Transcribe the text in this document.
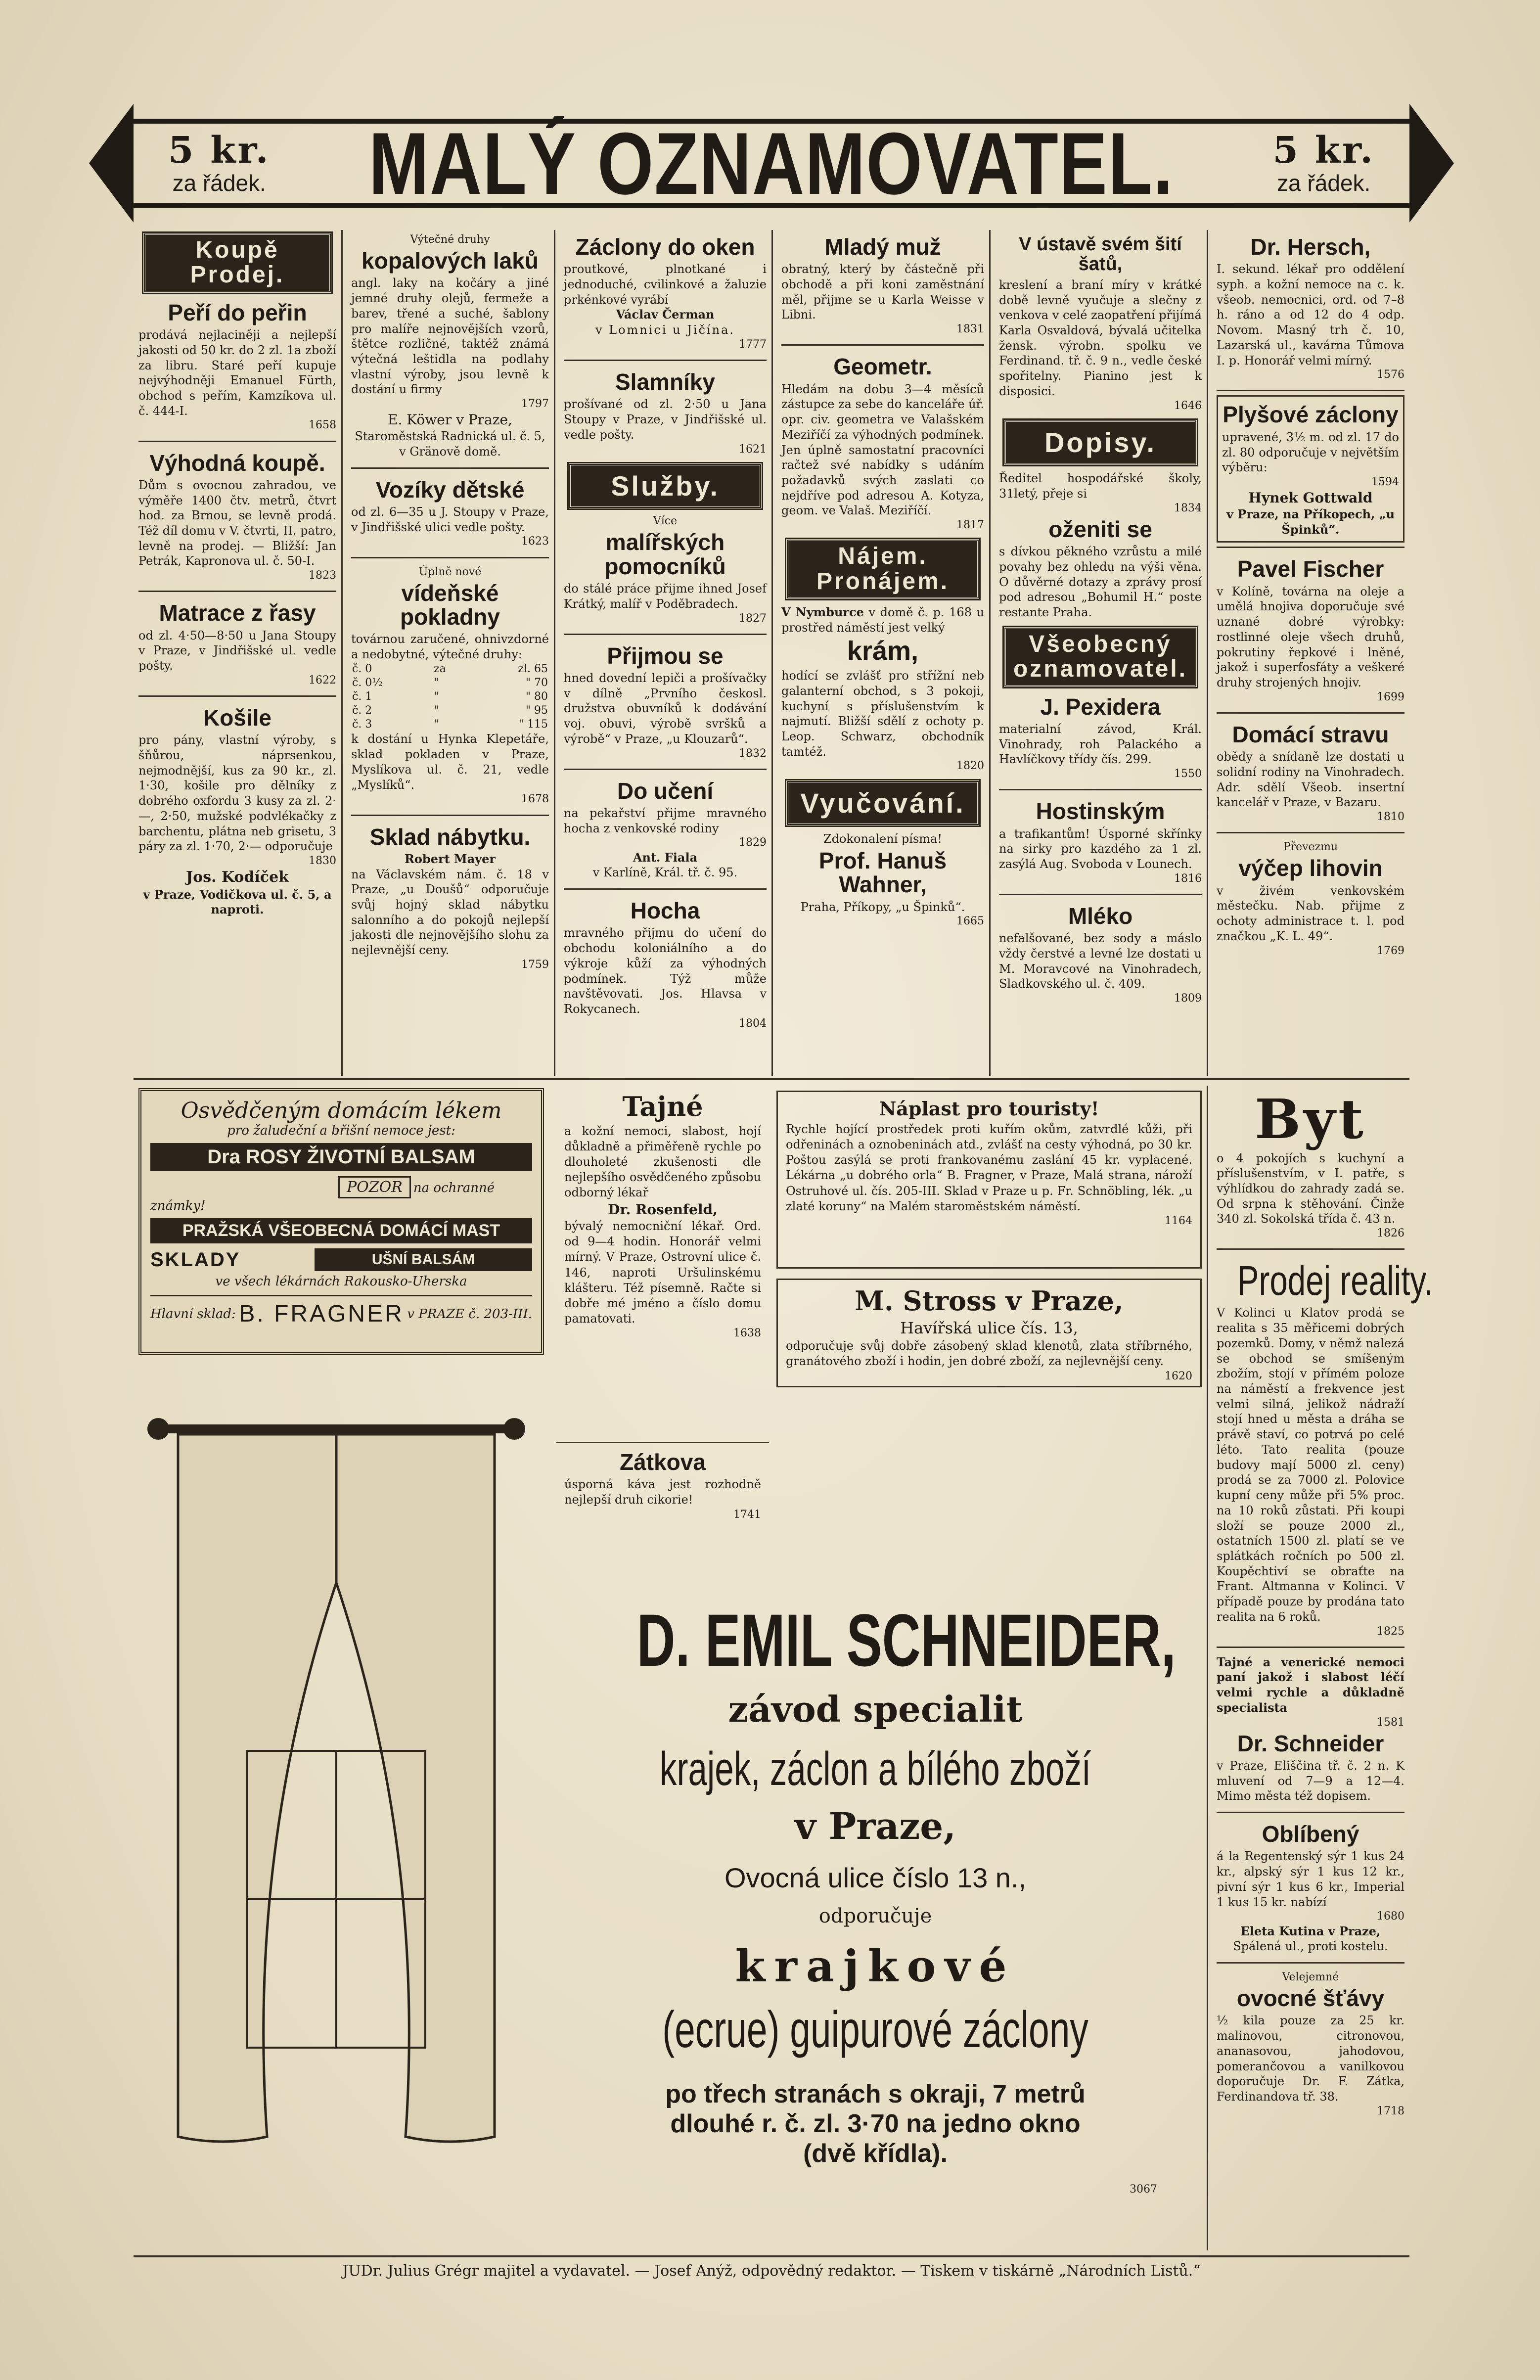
5 kr.
za řádek. MALÝ OZNAMOVATEL.	5 kr.
za řádek.
Koupě Prodej.
Peří do peřin

prodává nejlaciněji a nejlepší jakosti od 50 kr. do 2 zl. 1a zboží za libru. Staré peří kupuje nejvýhodněji Emanuel Fürth, obchod s peřím, Kamzíkova ul. č. 444-I.

1658
Výhodná koupě.

Dům s ovocnou zahradou, ve výměře 1400 čtv. metrů, čtvrt hod. za Brnou, se levně prodá. Též díl domu v V. čtvrti, II. patro, levně na prodej. — Bližší: Jan Petrák, Kapronova ul. č. 50-I.

1823
Matrace z řasy

od zl. 4·50—8·50 u Jana Stoupy v Praze, v Jindřišské ul. vedle pošty.

1622
Košile

pro pány, vlastní výroby, s šňůrou, náprsenkou, nejmodnější, kus za 90 kr., zl. 1·30, košile pro dělníky z dobrého oxfordu 3 kusy za zl. 2·—, 2·50, mužské podvlékačky z barchentu, plátna neb grisetu, 3 páry za zl. 1·70, 2·— odporučuje

1830
Jos. Kodíček
v Praze, Vodičkova ul. č. 5, a naproti.
Výtečné druhy
kopalových laků

angl. laky na kočáry a jiné jemné druhy olejů, fermeže a barev, třené a suché, šablony pro malíře nejnovějších vzorů, štětce rozličné, taktéž známá výtečná leštidla na podlahy vlastní výroby, jsou levně k dostání u firmy

1797
E. Köwer v Praze,
Staroměstská Radnická ul. č. 5, v Gränově domě.
Vozíky dětské

od zl. 6—35 u J. Stoupy v Praze, v Jindřišské ulici vedle pošty.

1623
Úplně nové
vídeňské pokladny

továrnou zaručené, ohnivzdorné a nedobytné, výtečné druhy:

č. 0	za	zl. 65
č. 0½	"	" 70
č. 1	"	" 80
č. 2	"	" 95
č. 3	"	" 115

k dostání u Hynka Klepetáře, sklad pokladen v Praze, Myslíkova ul. č. 21, vedle „Myslíků“.

1678
Sklad nábytku.
Robert Mayer

na Václavském nám. č. 18 v Praze, „u Doušů“ odporučuje svůj hojný sklad nábytku salonního a do pokojů nejlepší jakosti dle nejnovějšího slohu za nejlevnější ceny.

1759
Záclony do oken

proutkové, plnotkané i jednoduché, cvilinkové a žaluzie prkénkové vyrábí

Václav Čerman
v Lomnici u Jičína.
1777
Slamníky

prošívané od zl. 2·50 u Jana Stoupy v Praze, v Jindřišské ul. vedle pošty.

1621
Služby.
Více
malířských pomocníků

do stálé práce přijme ihned Josef Krátký, malíř v Poděbradech.

1827
Přijmou se

hned dovední lepiči a prošívačky v dílně „Prvního českosl. družstva obuvníků k dodávání voj. obuvi, výrobě svršků a výrobě“ v Praze, „u Klouzarů“.

1832
Do učení

na pekařství přijme mravného hocha z venkovské rodiny

1829
Ant. Fiala
v Karlíně, Král. tř. č. 95.
Hocha

mravného přijmu do učení do obchodu koloniálního a do výkroje kůží za výhodných podmínek. Týž může navštěvovati. Jos. Hlavsa v Rokycanech.

1804
Mladý muž

obratný, který by částečně při obchodě a při koni zaměstnání měl, přijme se u Karla Weisse v Libni.

1831
Geometr.

Hledám na dobu 3—4 měsíců zástupce za sebe do kanceláře úř. opr. civ. geometra ve Valašském Meziříčí za výhodných podmínek. Jen úplně samostatní pracovníci račtež své nabídky s udáním požadavků svých zaslati co nejdříve pod adresou A. Kotyza, geom. ve Valaš. Meziříčí.

1817
Nájem. Pronájem.

V Nymburce v domě č. p. 168 u prostřed náměstí jest velký

krám,

hodící se zvlášť pro střížní neb galanterní obchod, s 3 pokoji, kuchyní s příslušenstvím k najmutí. Bližší sdělí z ochoty p. Leop. Schwarz, obchodník tamtéž.

1820
Vyučování.
Zdokonalení písma!
Prof. Hanuš Wahner,
Praha, Příkopy, „u Špinků“.
1665
V ústavě svém šití šatů,

kreslení a braní míry v krátké době levně vyučuje a slečny z venkova v celé zaopatření přijímá Karla Osvaldová, bývalá učitelka žensk. výrobn. spolku ve Ferdinand. tř. č. 9 n., vedle české spořitelny. Pianino jest k disposici.

1646
Dopisy.

Ředitel hospodářské školy, 31letý, přeje si

1834
oženiti se

s dívkou pěkného vzrůstu a milé povahy bez ohledu na výši věna. O důvěrné dotazy a zprávy prosí pod adresou „Bohumil H.“ poste restante Praha.

Všeobecný oznamovatel.
J. Pexidera

materialní závod, Král. Vinohrady, roh Palackého a Havlíčkovy třídy čís. 299.

1550
Hostinským

a trafikantům! Úsporné skřínky na sirky pro kazdého za 1 zl. zasýlá Aug. Svoboda v Lounech.

1816
Mléko

nefalšované, bez sody a máslo vždy čerstvé a levné lze dostati u M. Moravcové na Vinohradech, Sladkovského ul. č. 409.

1809
Dr. Hersch,

I. sekund. lékař pro oddělení syph. a kožní nemoce na c. k. všeob. nemocnici, ord. od 7–8 h. ráno a od 12 do 4 odp. Novom. Masný trh č. 10, Lazarská ul., kavárna Tůmova I. p. Honorář velmi mírný.

1576
Plyšové záclony

upravené, 3½ m. od zl. 17 do zl. 80 odporučuje v největším výběru:

1594
Hynek Gottwald
v Praze, na Příkopech, „u Špinků“.
Pavel Fischer

v Kolíně, továrna na oleje a umělá hnojiva doporučuje své uznané dobré výrobky: rostlinné oleje všech druhů, pokrutiny řepkové i lněné, jakož i superfosfáty a veškeré druhy strojených hnojiv.

1699
Domácí stravu

obědy a snídaně lze dostati u solidní rodiny na Vinohradech. Adr. sdělí Všeob. insertní kancelář v Praze, v Bazaru.

1810
Převezmu
výčep lihovin

v živém venkovském městečku. Nab. přijme z ochoty administrace t. l. pod značkou „K. L. 49“.

1769
Osvědčeným domácím lékem
pro žaludeční a břišní nemoce jest:
Dra ROSY ŽIVOTNÍ BALSAM
POZOR na ochranné známky!
PRAŽSKÁ VŠEOBECNÁ DOMÁCÍ MAST
SKLADY	UŠNÍ BALSÁM
ve všech lékárnách Rakousko-Uherska
Hlavní sklad: B. FRAGNER v PRAZE č. 203-III.
Tajné

a kožní nemoci, slabost, hojí důkladně a přiměřeně rychle po dlouholeté zkušenosti dle nejlepšího osvědčeného způsobu odborný lékař

Dr. Rosenfeld,

bývalý nemocniční lékař. Ord. od 9—4 hodin. Honorář velmi mírný. V Praze, Ostrovní ulice č. 146, naproti Uršulinskému klášteru. Též písemně. Račte si dobře mé jméno a číslo domu pamatovati.

1638
Zátkova

úsporná káva jest rozhodně nejlepší druh cikorie!

1741
Náplast pro touristy!

Rychle hojící prostředek proti kuřím okům, zatvrdlé kůži, při odřeninách a oznobeninách atd., zvlášť na cesty výhodná, po 30 kr. Poštou zasýlá se proti frankovanému zaslání 45 kr. vyplacené. Lékárna „u dobrého orla“ B. Fragner, v Praze, Malá strana, nároží Ostruhové ul. čís. 205-III. Sklad v Praze u p. Fr. Schnöbling, lék. „u zlaté koruny“ na Malém staroměstském náměstí.

1164
M. Stross v Praze,
Havířská ulice čís. 13,

odporučuje svůj dobře zásobený sklad klenotů, zlata stříbrného, granátového zboží i hodin, jen dobré zboží, za nejlevnější ceny.

1620
D. EMIL SCHNEIDER,
závod specialit
krajek, záclon a bílého zboží
v Praze,
Ovocná ulice číslo 13 n.,
odporučuje
krajkové
(ecrue) guipurové záclony
po třech stranách s okraji, 7 metrů
dlouhé r. č. zl. 3·70 na jedno okno
(dvě křídla).
3067
Byt

o 4 pokojích s kuchyní a příslušenstvím, v I. patře, s výhlídkou do zahrady zadá se. Od srpna k stěhování. Činže 340 zl. Sokolská třída č. 43 n.

1826
Prodej reality.

V Kolinci u Klatov prodá se realita s 35 měřicemi dobrých pozemků. Domy, v němž nalezá se obchod se smíšeným zbožím, stojí v přímém poloze na náměstí a frekvence jest velmi silná, jelikož nádraží stojí hned u města a dráha se právě staví, co potrvá po celé léto. Tato realita (pouze budovy mají 5000 zl. ceny) prodá se za 7000 zl. Polovice kupní ceny může při 5% proc. na 10 roků zůstati. Při koupi složí se pouze 2000 zl., ostatních 1500 zl. platí se ve splátkách ročních po 500 zl. Koupěchtiví se obraťte na Frant. Altmanna v Kolinci. V případě pouze by prodána tato realita na 6 roků.

1825

Tajné a venerické nemoci paní jakož i slabost léčí velmi rychle a důkladně specialista

1581
Dr. Schneider

v Praze, Eliščina tř. č. 2 n. K mluvení od 7—9 a 12—4. Mimo města též dopisem.

Oblíbený

á la Regentenský sýr 1 kus 24 kr., alpský sýr 1 kus 12 kr., pivní sýr 1 kus 6 kr., Imperial 1 kus 15 kr. nabízí

1680
Eleta Kutina v Praze,
Spálená ul., proti kostelu.
Velejemné
ovocné šťávy

½ kila pouze za 25 kr. malinovou, citronovou, ananasovou, jahodovou, pomerančovou a vanilkovou doporučuje Dr. F. Zátka, Ferdinandova tř. 38.

1718
JUDr. Julius Grégr majitel a vydavatel. — Josef Anýž, odpovědný redaktor. — Tiskem v tiskárně „Národních Listů.“
